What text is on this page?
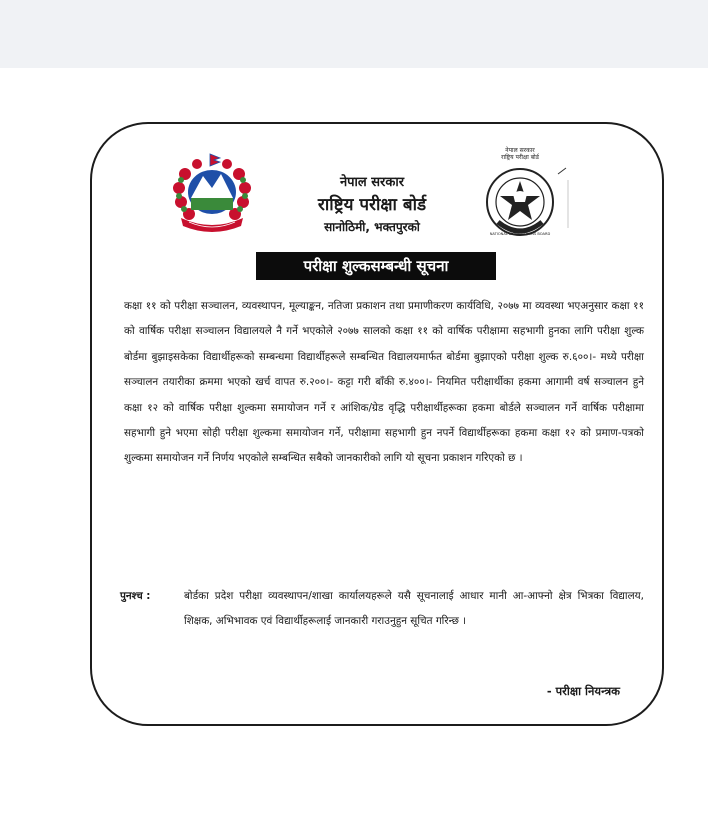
नेपाल सरकार
राष्ट्रिय परीक्षा बोर्ड
NATIONAL EXAMINATIONS BOARD
नेपाल सरकार
राष्ट्रिय परीक्षा बोर्ड
सानोठिमी, भक्तपुरको
परीक्षा शुल्कसम्बन्धी सूचना

कक्षा ११ को परीक्षा सञ्चालन, व्यवस्थापन, मूल्याङ्कन, नतिजा प्रकाशन तथा प्रमाणीकरण कार्यविधि, २०७७ मा व्यवस्था भएअनुसार कक्षा ११ को वार्षिक परीक्षा सञ्चालन विद्यालयले नै गर्ने भएकोले २०७७ सालको कक्षा ११ को वार्षिक परीक्षामा सहभागी हुनका लागि परीक्षा शुल्क बोर्डमा बुझाइसकेका विद्यार्थीहरूको सम्बन्धमा विद्यार्थीहरूले सम्बन्धित विद्यालयमार्फत बोर्डमा बुझाएको परीक्षा शुल्क रु.६००।- मध्ये परीक्षा सञ्चालन तयारीका क्रममा भएको खर्च वापत रु.२००।- कट्टा गरी बाँकी रु.४००।- नियमित परीक्षार्थीका हकमा आगामी वर्ष सञ्चालन हुने कक्षा १२ को वार्षिक परीक्षा शुल्कमा समायोजन गर्ने र आंशिक/ग्रेड वृद्धि परीक्षार्थीहरूका हकमा बोर्डले सञ्चालन गर्ने वार्षिक परीक्षामा सहभागी हुने भएमा सोही परीक्षा शुल्कमा समायोजन गर्ने, परीक्षामा सहभागी हुन नपर्ने विद्यार्थीहरूका हकमा कक्षा १२ को प्रमाण-पत्रको शुल्कमा समायोजन गर्ने निर्णय भएकोले सम्बन्धित सबैको जानकारीको लागि यो सूचना प्रकाशन गरिएको छ ।

पुनश्च :	बोर्डका प्रदेश परीक्षा व्यवस्थापन/शाखा कार्यालयहरूले यसै सूचनालाई आधार मानी आ-आफ्नो क्षेत्र भित्रका विद्यालय, शिक्षक, अभिभावक एवं विद्यार्थीहरूलाई जानकारी गराउनुहुन सूचित गरिन्छ ।
- परीक्षा नियन्त्रक
